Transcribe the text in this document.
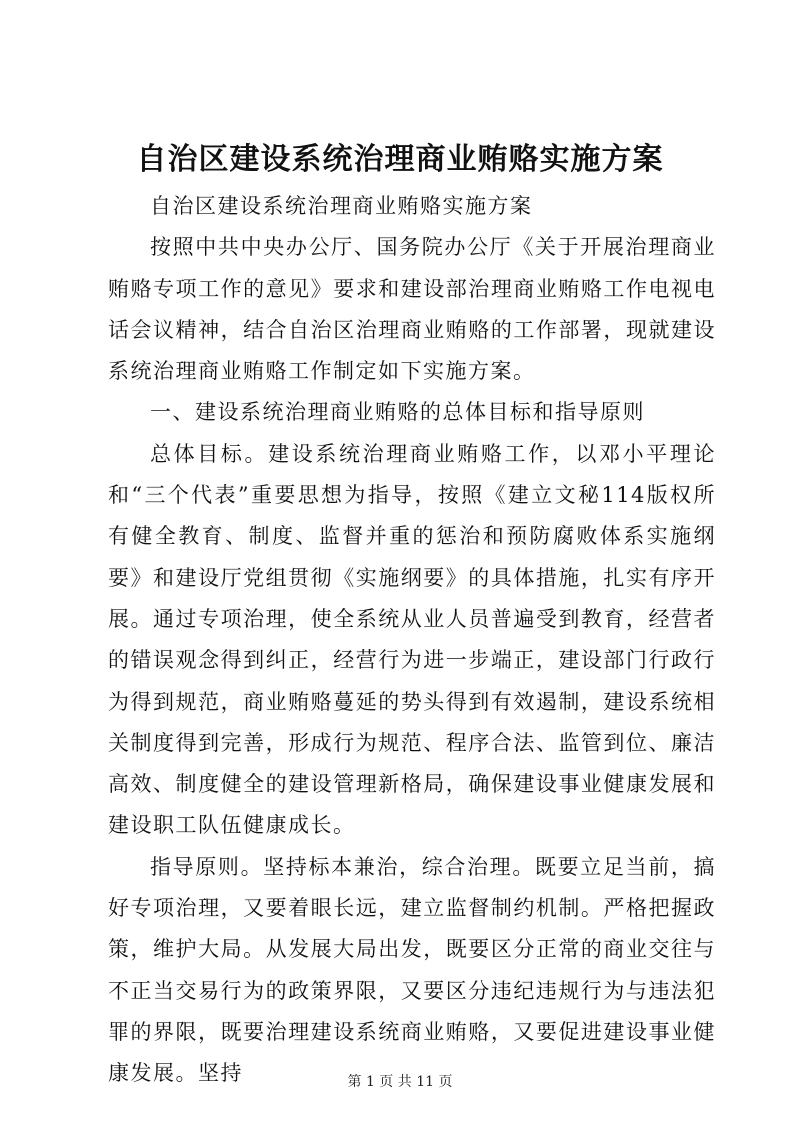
自治区建设系统治理商业贿赂实施方案

自治区建设系统治理商业贿赂实施方案

按照中共中央办公厅、国务院办公厅《关于开展治理商业贿赂专项工作的意见》要求和建设部治理商业贿赂工作电视电话会议精神，结合自治区治理商业贿赂的工作部署，现就建设系统治理商业贿赂工作制定如下实施方案。

一、建设系统治理商业贿赂的总体目标和指导原则

总体目标。建设系统治理商业贿赂工作，以邓小平理论和“三个代表”重要思想为指导，按照《建立文秘114版权所有健全教育、制度、监督并重的惩治和预防腐败体系实施纲要》和建设厅党组贯彻《实施纲要》的具体措施，扎实有序开展。通过专项治理，使全系统从业人员普遍受到教育，经营者的错误观念得到纠正，经营行为进一步端正，建设部门行政行为得到规范，商业贿赂蔓延的势头得到有效遏制，建设系统相关制度得到完善，形成行为规范、程序合法、监管到位、廉洁高效、制度健全的建设管理新格局，确保建设事业健康发展和建设职工队伍健康成长。

指导原则。坚持标本兼治，综合治理。既要立足当前，搞好专项治理，又要着眼长远，建立监督制约机制。严格把握政策，维护大局。从发展大局出发，既要区分正常的商业交往与不正当交易行为的政策界限，又要区分违纪违规行为与违法犯罪的界限，既要治理建设系统商业贿赂，又要促进建设事业健康发展。坚持	第 1 页 共 11 页
